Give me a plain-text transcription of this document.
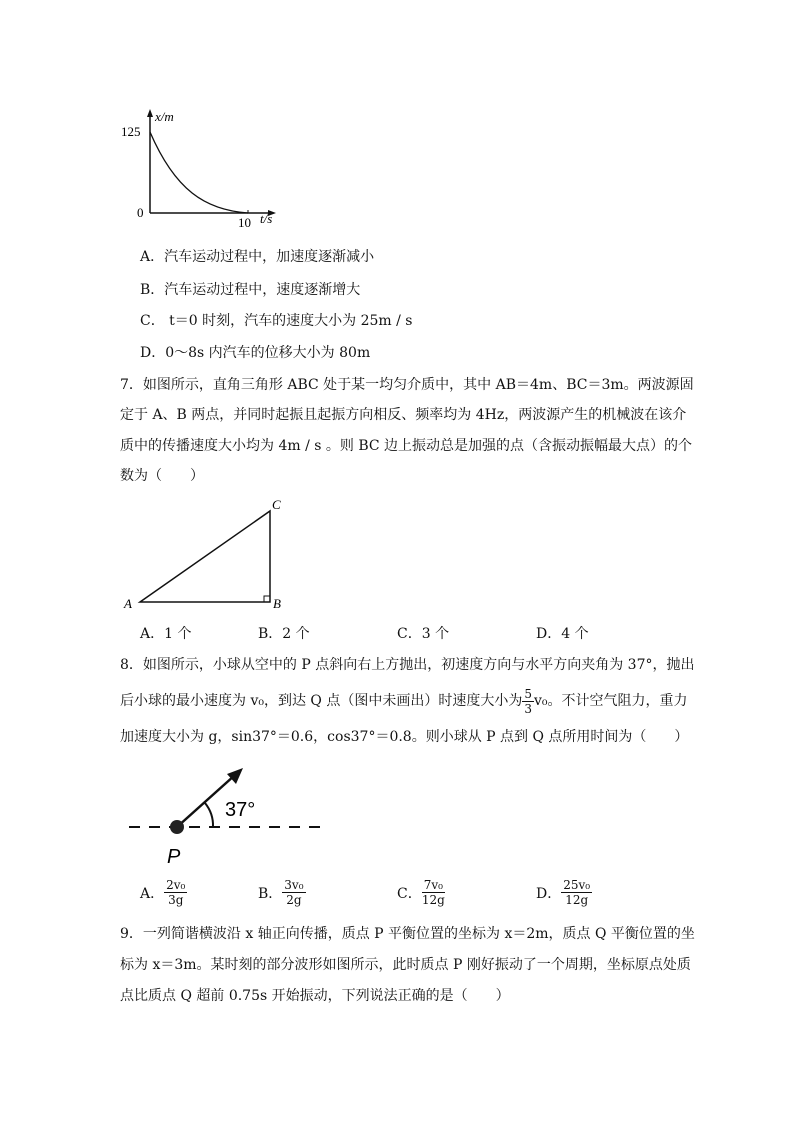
x/m
125
0
10 t/s
A．汽车运动过程中，加速度逐渐减小
B．汽车运动过程中，速度逐渐增大
C． t＝0 时刻，汽车的速度大小为 25m / s
D．0～8s 内汽车的位移大小为 80m
7．如图所示，直角三角形 ABC 处于某一均匀介质中，其中 AB＝4m、BC＝3m。两波源固
定于 A、B 两点，并同时起振且起振方向相反、频率均为 4Hz，两波源产生的机械波在该介
质中的传播速度大小均为 4m / s 。则 BC 边上振动总是加强的点（含振动振幅最大点）的个
数为（　　）
A	B
C
A．1 个	B．2 个	C．3 个	D．4 个
8．如图所示，小球从空中的 P 点斜向右上方抛出，初速度方向与水平方向夹角为 37°，抛出
后小球的最小速度为 v₀，到达 Q 点（图中未画出）时速度大小为 $\frac{5}{3} v_0$。不计空气阻力，重力
加速度大小为 g，sin37°＝0.6，cos37°＝0.8。则小球从 P 点到 Q 点所用时间为（　　）
37°
P
A． $\frac{\text{2v₀}}{3g}$	B． $\frac{\text{3v₀}}{2g}$	C． $\frac{\text{7v₀}}{12g}$	D． $\frac{\text{25v₀}}{12g}$
9．一列简谐横波沿 x 轴正向传播，质点 P 平衡位置的坐标为 x＝2m，质点 Q 平衡位置的坐
标为 x＝3m。某时刻的部分波形如图所示，此时质点 P 刚好振动了一个周期，坐标原点处质
点比质点 Q 超前 0.75s 开始振动，下列说法正确的是（　　）
